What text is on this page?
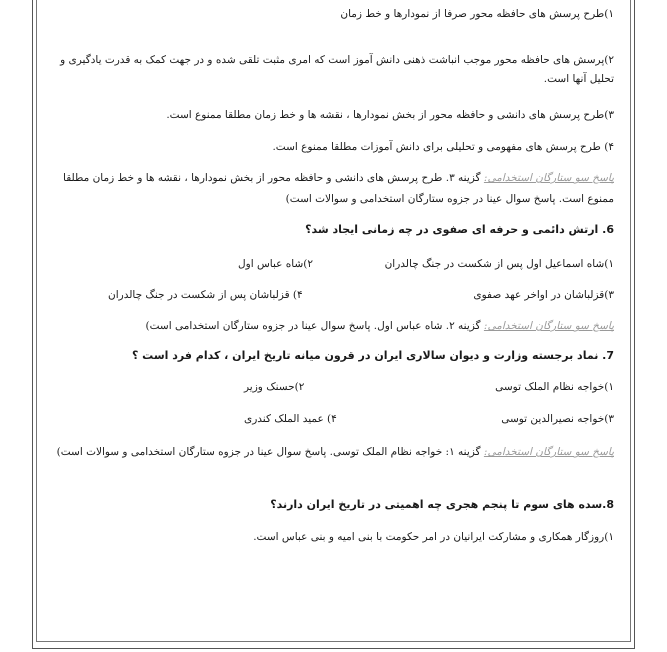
۱)طرح پرسش های حافظه محور صرفا از نمودارها و خط زمان
۲)پرسش های حافظه محور موجب انباشت ذهنی دانش آموز است که امری مثبت تلقی شده و در جهت کمک به قدرت یادگیری و تحلیل آنها است.
۳)طرح پرسش های دانشی و حافظه محور از بخش نمودارها ، نقشه ها و خط زمان مطلقا ممنوع است.
۴) طرح پرسش های مفهومی و تحلیلی برای دانش آموزات مطلقا ممنوع است.
پاسخ سو ستارگان استخدامی: گزینه ۳. طرح پرسش های دانشی و حافظه محور از بخش نمودارها ، نقشه ها و خط زمان مطلقا ممنوع است. پاسخ سوال عینا در جزوه ستارگان استخدامی و سوالات است)
6. ارتش دائمی و حرفه ای صفوی در چه زمانی ایجاد شد؟
۱)شاه اسماعیل اول پس از شکست در جنگ چالدران
۲)شاه عباس اول
۳)قزلباشان در اواخر عهد صفوی
۴) قزلباشان پس از شکست در جنگ چالدران
پاسخ سو ستارگان استخدامی: گزینه ۲. شاه عباس اول. پاسخ سوال عینا در جزوه ستارگان استخدامی است)
7. نماد برجسته وزارت و دیوان سالاری ایران در قرون میانه تاریخ ایران ، کدام فرد است ؟
۱)خواجه نظام الملک توسی
۲)حسنک وزیر
۳)خواجه نصیرالدین توسی
۴) عمید الملک کندری
پاسخ سو ستارگان استخدامی: گزینه ۱: خواجه نظام الملک توسی. پاسخ سوال عینا در جزوه ستارگان استخدامی و سوالات است)
8.سده های سوم تا پنجم هجری چه اهمیتی در تاریخ ایران دارند؟
۱)روزگار همکاری و مشارکت ایرانیان در امر حکومت با بنی امیه و بنی عباس است.
